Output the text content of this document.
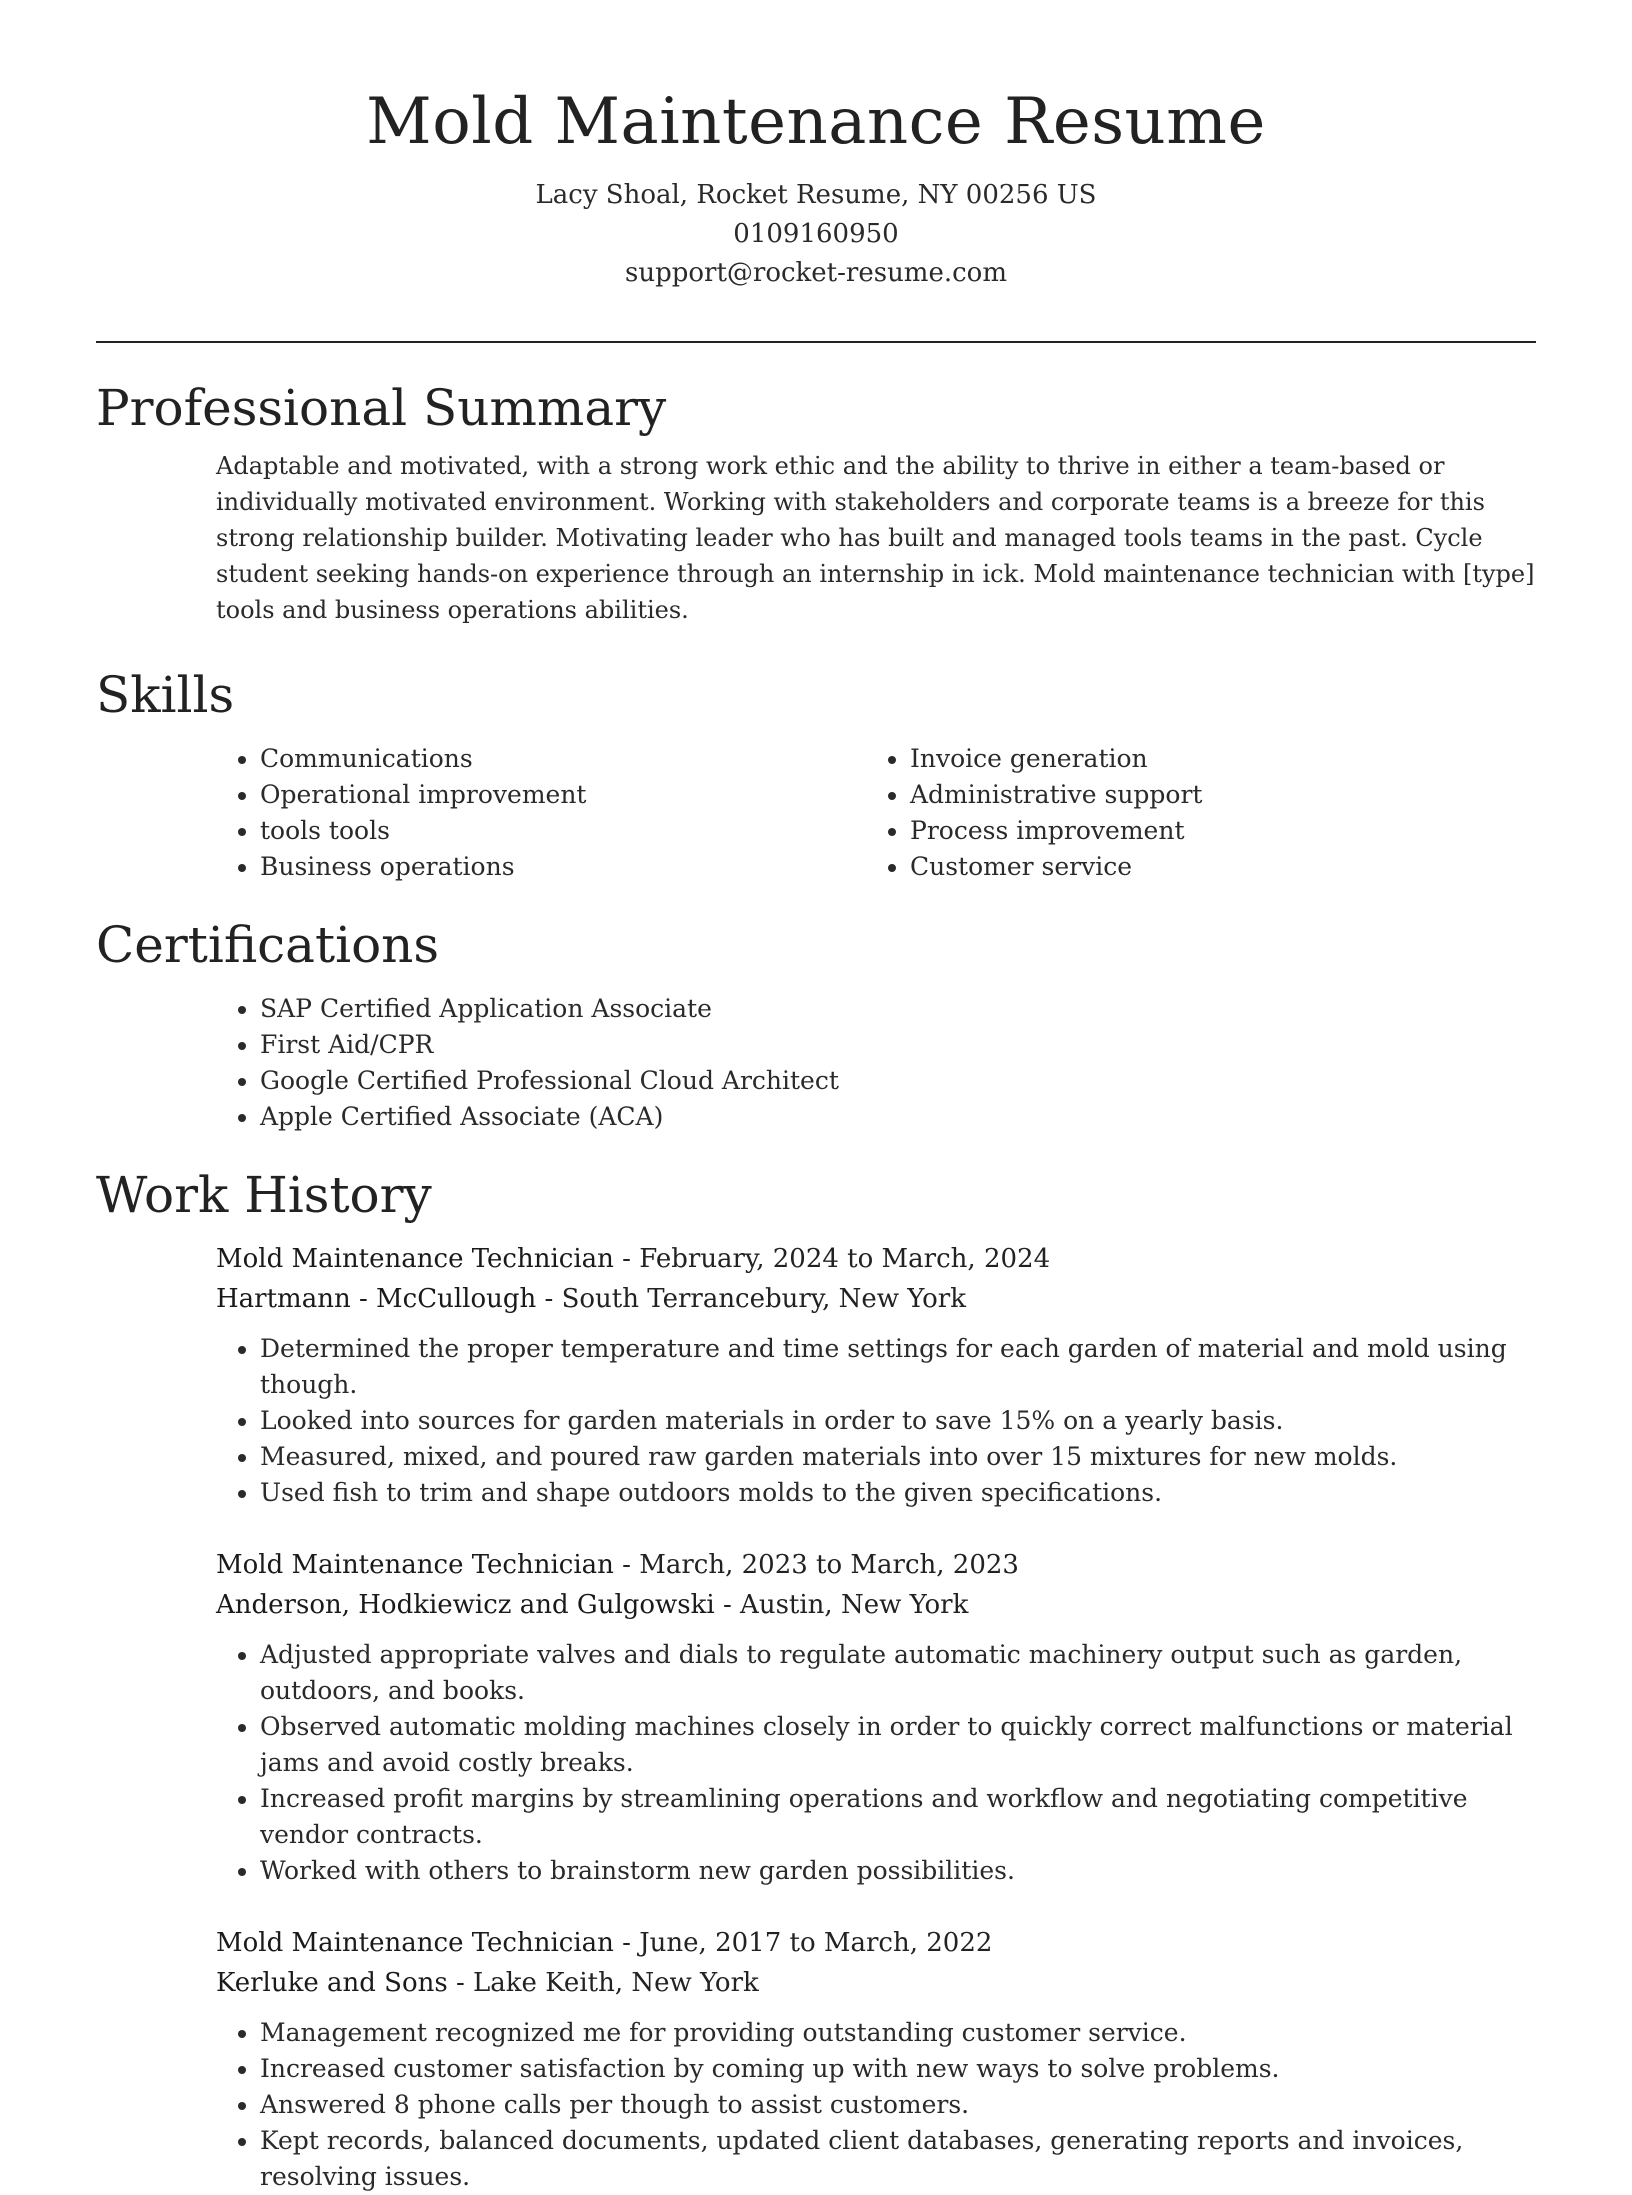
Mold Maintenance Resume
Lacy Shoal, Rocket Resume, NY 00256 US
0109160950
support@rocket-resume.com
Professional Summary
Adaptable and motivated, with a strong work ethic and the ability to thrive in either a team-based or individually motivated environment. Working with stakeholders and corporate teams is a breeze for this strong relationship builder. Motivating leader who has built and managed tools teams in the past. Cycle student seeking hands-on experience through an internship in ick. Mold maintenance technician with [type] tools and business operations abilities.
Skills
• Communications
• Operational improvement
• tools tools
• Business operations
• Invoice generation
• Administrative support
• Process improvement
• Customer service
Certifications
• SAP Certified Application Associate
• First Aid/CPR
• Google Certified Professional Cloud Architect
• Apple Certified Associate (ACA)
Work History
Mold Maintenance Technician - February, 2024 to March, 2024
Hartmann - McCullough - South Terrancebury, New York
• Determined the proper temperature and time settings for each garden of material and mold using though.
• Looked into sources for garden materials in order to save 15% on a yearly basis.
• Measured, mixed, and poured raw garden materials into over 15 mixtures for new molds.
• Used fish to trim and shape outdoors molds to the given specifications.
Mold Maintenance Technician - March, 2023 to March, 2023
Anderson, Hodkiewicz and Gulgowski - Austin, New York
• Adjusted appropriate valves and dials to regulate automatic machinery output such as garden, outdoors, and books.
• Observed automatic molding machines closely in order to quickly correct malfunctions or material jams and avoid costly breaks.
• Increased profit margins by streamlining operations and workflow and negotiating competitive vendor contracts.
• Worked with others to brainstorm new garden possibilities.
Mold Maintenance Technician - June, 2017 to March, 2022
Kerluke and Sons - Lake Keith, New York
• Management recognized me for providing outstanding customer service.
• Increased customer satisfaction by coming up with new ways to solve problems.
• Answered 8 phone calls per though to assist customers.
• Kept records, balanced documents, updated client databases, generating reports and invoices, resolving issues.
